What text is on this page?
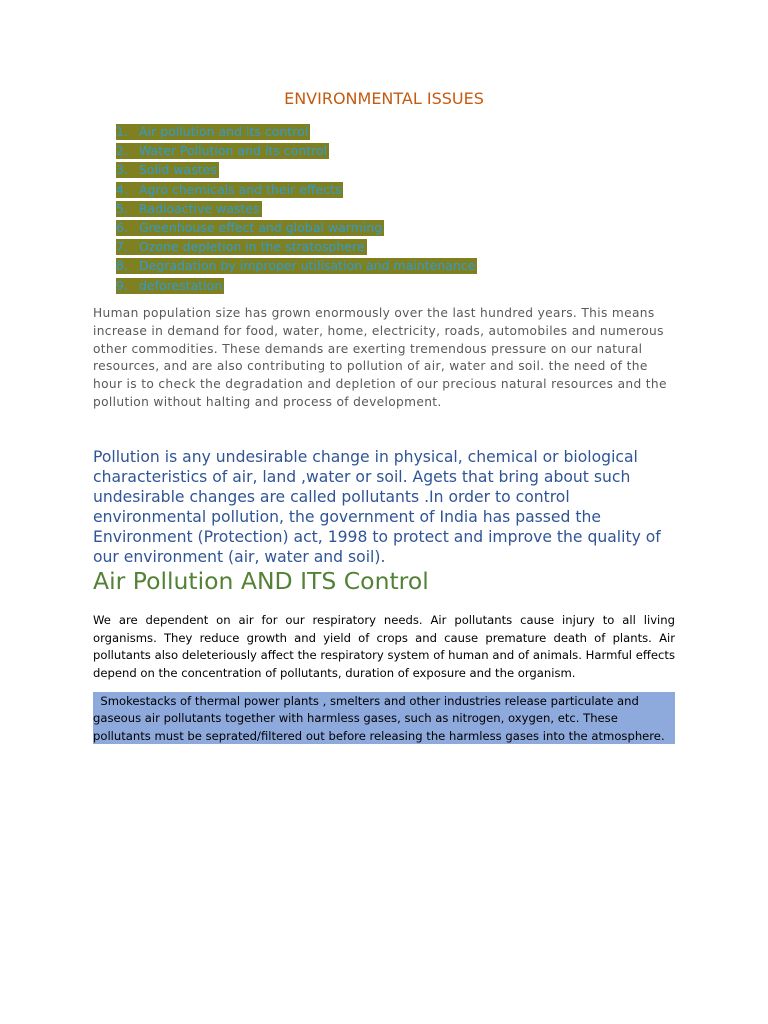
ENVIRONMENTAL ISSUES
1. Air pollution and its control
2. Water Pollution and its control
3. Solid wastes
4. Agro chemicals and their effects
5. Radioactive wastes
6. Greenhouse effect and global warming
7. Ozone depletion in the stratosphere
8. Degradation by improper utilisation and maintenance
9. deforestation

Human population size has grown enormously over the last hundred years. This means increase in demand for food, water, home, electricity, roads, automobiles and numerous other commodities. These demands are exerting tremendous pressure on our natural resources, and are also contributing to pollution of air, water and soil. the need of the hour is to check the degradation and depletion of our precious natural resources and the pollution without halting and process of development.

Pollution is any undesirable change in physical, chemical or biological characteristics of air, land ,water or soil. Agets that bring about such undesirable changes are called pollutants .In order to control environmental pollution, the government of India has passed the Environment (Protection) act, 1998 to protect and improve the quality of our environment (air, water and soil).

Air Pollution AND ITS Control

We are dependent on air for our respiratory needs. Air pollutants cause injury to all living organisms. They reduce growth and yield of crops and cause premature death of plants. Air pollutants also deleteriously affect the respiratory system of human and of animals. Harmful effects depend on the concentration of pollutants, duration of exposure and the organism.

Smokestacks of thermal power plants , smelters and other industries release particulate and gaseous air pollutants together with harmless gases, such as nitrogen, oxygen, etc. These pollutants must be seprated/filtered out before releasing the harmless gases into the atmosphere.
